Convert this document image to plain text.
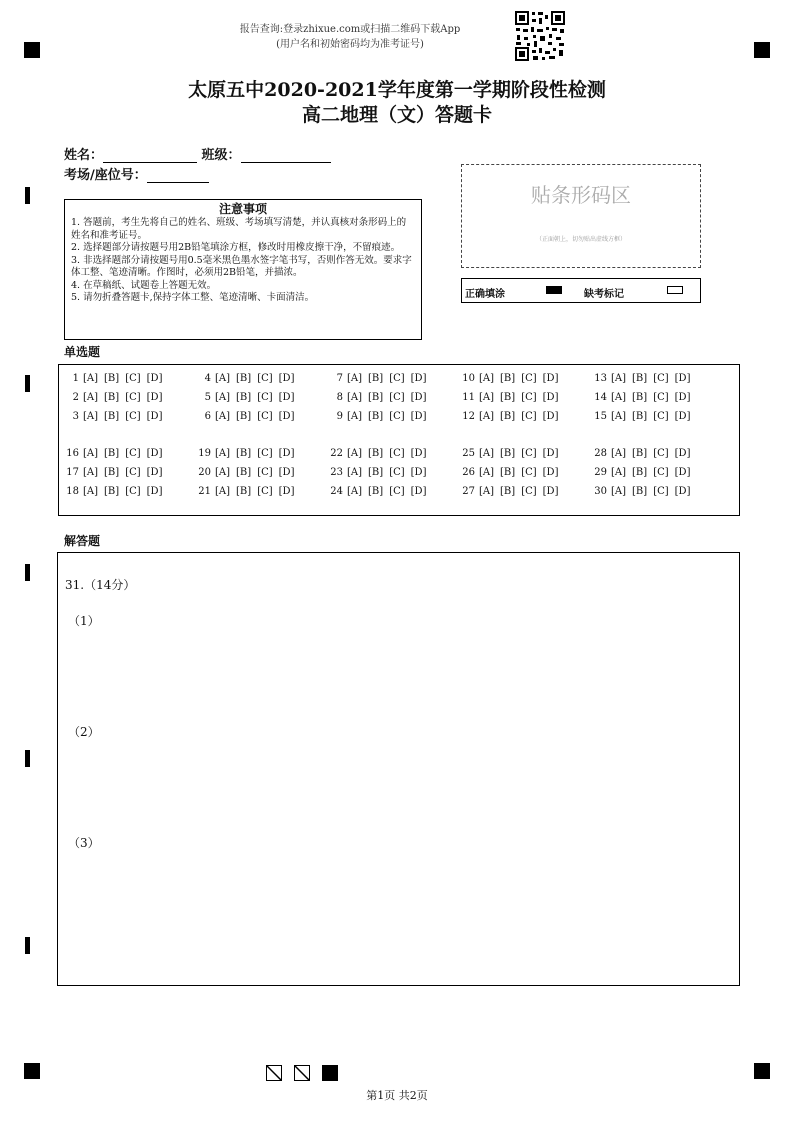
报告查询:登录zhixue.com或扫描二维码下载App
(用户名和初始密码均为准考证号)
太原五中2020-2021学年度第一学期阶段性检测
高二地理（文）答题卡
姓名：	班级：
考场/座位号：
注意事项
1. 答题前，考生先将自己的姓名、班级、考场填写清楚，并认真核对条形码上的姓名和准考证号。
2. 选择题部分请按题号用2B铅笔填涂方框，修改时用橡皮擦干净，不留痕迹。
3. 非选择题部分请按题号用0.5毫米黑色墨水签字笔书写，否则作答无效。要求字体工整、笔迹清晰。作图时，必须用2B铅笔，并描浓。
4. 在草稿纸、试题卷上答题无效。
5. 请勿折叠答题卡,保持字体工整、笔迹清晰、卡面清洁。
贴条形码区
（正面朝上，切勿贴出虚线方框）
正确填涂	缺考标记
单选题
1 [A] [B] [C] [D]
2 [A] [B] [C] [D]
3 [A] [B] [C] [D]
4 [A] [B] [C] [D]
5 [A] [B] [C] [D]
6 [A] [B] [C] [D]
7 [A] [B] [C] [D]
8 [A] [B] [C] [D]
9 [A] [B] [C] [D]
10 [A] [B] [C] [D]
11 [A] [B] [C] [D]
12 [A] [B] [C] [D]
13 [A] [B] [C] [D]
14 [A] [B] [C] [D]
15 [A] [B] [C] [D]
16 [A] [B] [C] [D]
17 [A] [B] [C] [D]
18 [A] [B] [C] [D]
19 [A] [B] [C] [D]
20 [A] [B] [C] [D]
21 [A] [B] [C] [D]
22 [A] [B] [C] [D]
23 [A] [B] [C] [D]
24 [A] [B] [C] [D]
25 [A] [B] [C] [D]
26 [A] [B] [C] [D]
27 [A] [B] [C] [D]
28 [A] [B] [C] [D]
29 [A] [B] [C] [D]
30 [A] [B] [C] [D]
解答题
31.（14分）
（1）
（2）
（3）
第1页 共2页
